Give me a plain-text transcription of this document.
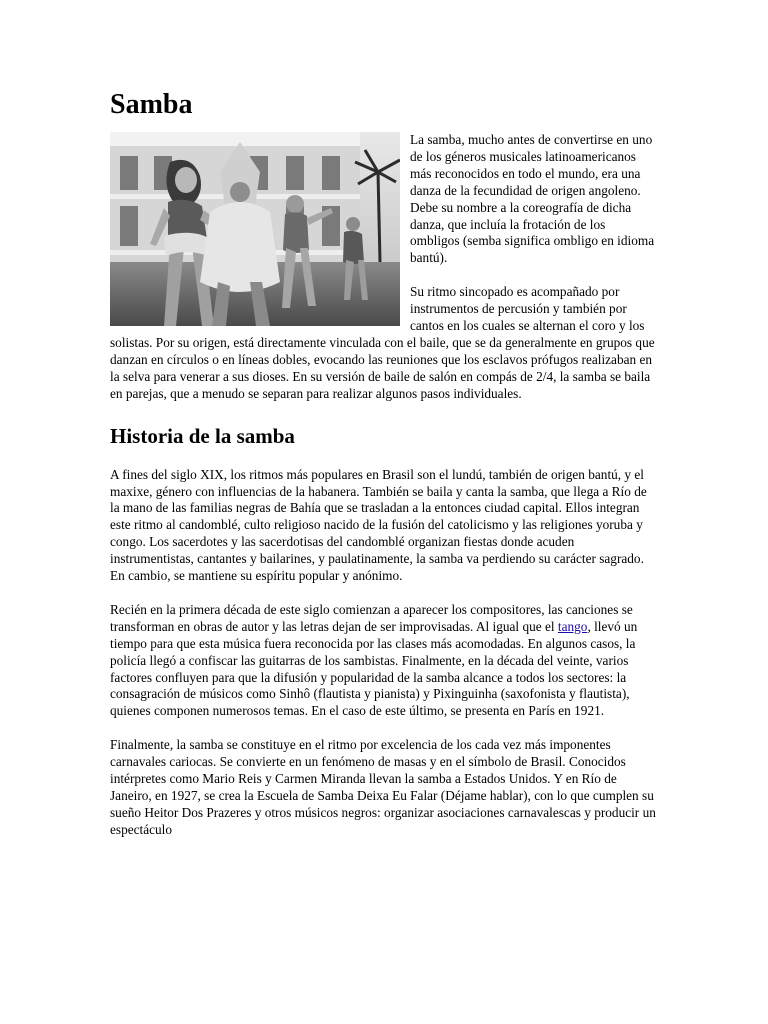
Samba

La samba, mucho antes de convertirse en uno de los géneros musicales latinoamericanos más reconocidos en todo el mundo, era una danza de la fecundidad de origen angoleno. Debe su nombre a la coreografía de dicha danza, que incluía la frotación de los ombligos (semba significa ombligo en idioma bantú).

Su ritmo sincopado es acompañado por instrumentos de percusión y también por cantos en los cuales se alternan el coro y los solistas. Por su origen, está directamente vinculada con el baile, que se da generalmente en grupos que danzan en círculos o en líneas dobles, evocando las reuniones que los esclavos prófugos realizaban en la selva para venerar a sus dioses. En su versión de baile de salón en compás de 2/4, la samba se baila en parejas, que a menudo se separan para realizar algunos pasos individuales.

Historia de la samba

A fines del siglo XIX, los ritmos más populares en Brasil son el lundú, también de origen bantú, y el maxixe, género con influencias de la habanera. También se baila y canta la samba, que llega a Río de la mano de las familias negras de Bahía que se trasladan a la entonces ciudad capital. Ellos integran este ritmo al candomblé, culto religioso nacido de la fusión del catolicismo y las religiones yoruba y congo. Los sacerdotes y las sacerdotisas del candomblé organizan fiestas donde acuden instrumentistas, cantantes y bailarines, y paulatinamente, la samba va perdiendo su carácter sagrado. En cambio, se mantiene su espíritu popular y anónimo.

Recién en la primera década de este siglo comienzan a aparecer los compositores, las canciones se transforman en obras de autor y las letras dejan de ser improvisadas. Al igual que el tango, llevó un tiempo para que esta música fuera reconocida por las clases más acomodadas. En algunos casos, la policía llegó a confiscar las guitarras de los sambistas. Finalmente, en la década del veinte, varios factores confluyen para que la difusión y popularidad de la samba alcance a todos los sectores: la consagración de músicos como Sinhô (flautista y pianista) y Pixinguinha (saxofonista y flautista), quienes componen numerosos temas. En el caso de este último, se presenta en París en 1921.

Finalmente, la samba se constituye en el ritmo por excelencia de los cada vez más imponentes carnavales cariocas. Se convierte en un fenómeno de masas y en el símbolo de Brasil. Conocidos intérpretes como Mario Reis y Carmen Miranda llevan la samba a Estados Unidos. Y en Río de Janeiro, en 1927, se crea la Escuela de Samba Deixa Eu Falar (Déjame hablar), con lo que cumplen su sueño Heitor Dos Prazeres y otros músicos negros: organizar asociaciones carnavalescas y producir un espectáculo
